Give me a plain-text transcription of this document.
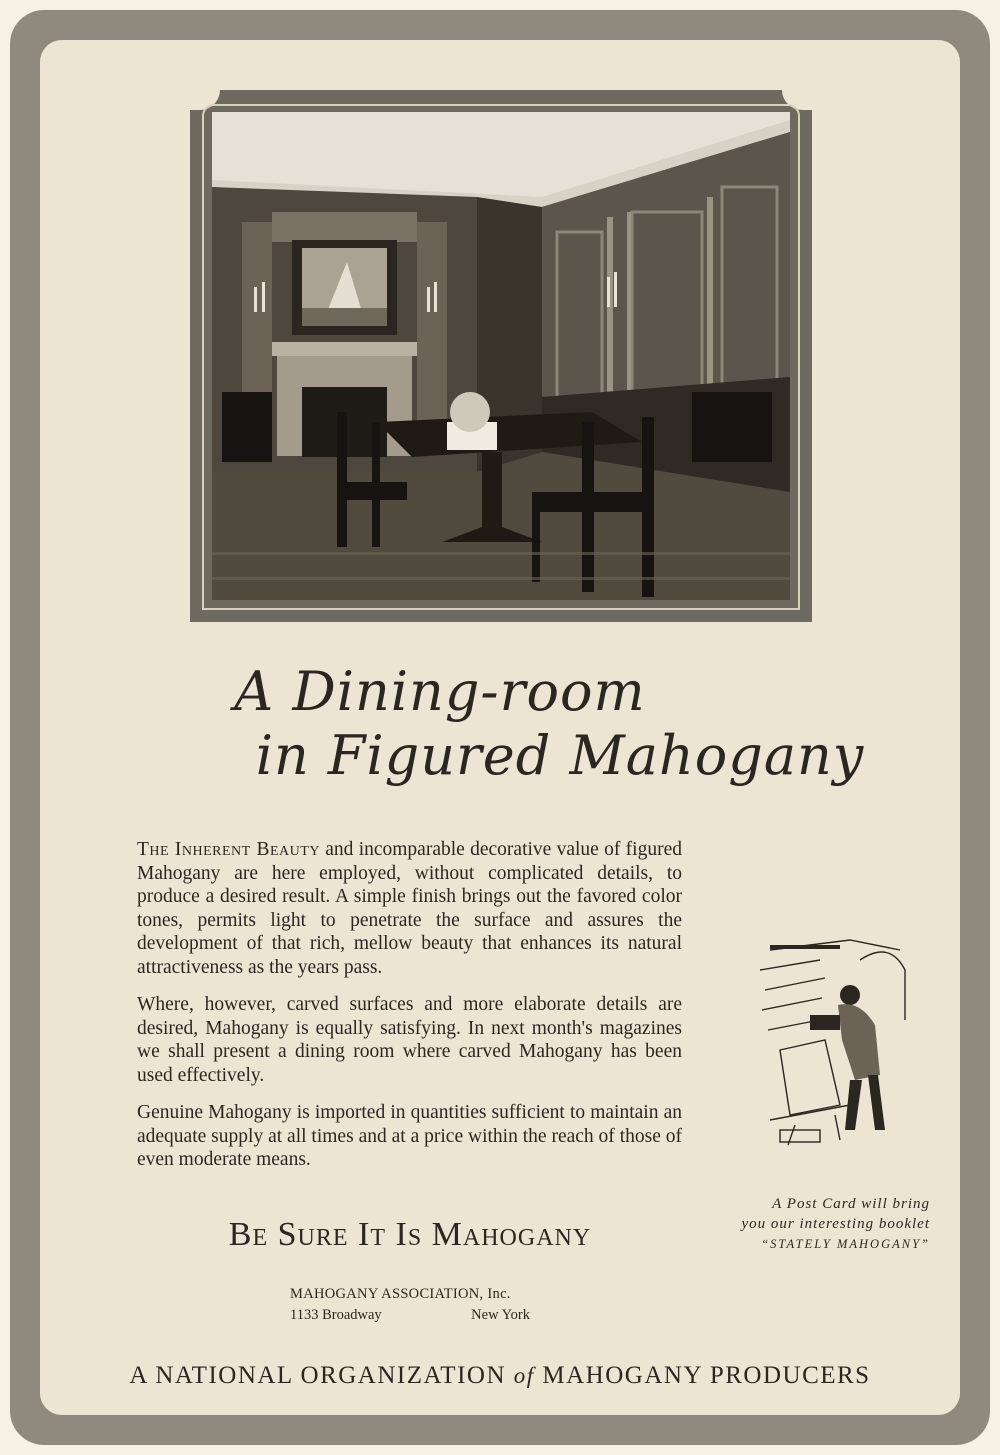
A Dining-room
in Figured Mahogany

The Inherent Beauty and incomparable decorative value of figured Mahogany are here employed, without complicated details, to produce a desired result. A simple finish brings out the favored color tones, permits light to penetrate the surface and assures the development of that rich, mellow beauty that enhances its natural attractiveness as the years pass.

Where, however, carved surfaces and more elaborate details are desired, Mahogany is equally satisfying. In next month's magazines we shall present a dining room where carved Mahogany has been used effectively.

Genuine Mahogany is imported in quantities sufficient to maintain an adequate supply at all times and at a price within the reach of those of even moderate means.

Be Sure It Is Mahogany
MAHOGANY ASSOCIATION, Inc.
1133 Broadway	New York
A Post Card will bring
you our interesting booklet
“STATELY MAHOGANY”
A NATIONAL ORGANIZATION of MAHOGANY PRODUCERS
